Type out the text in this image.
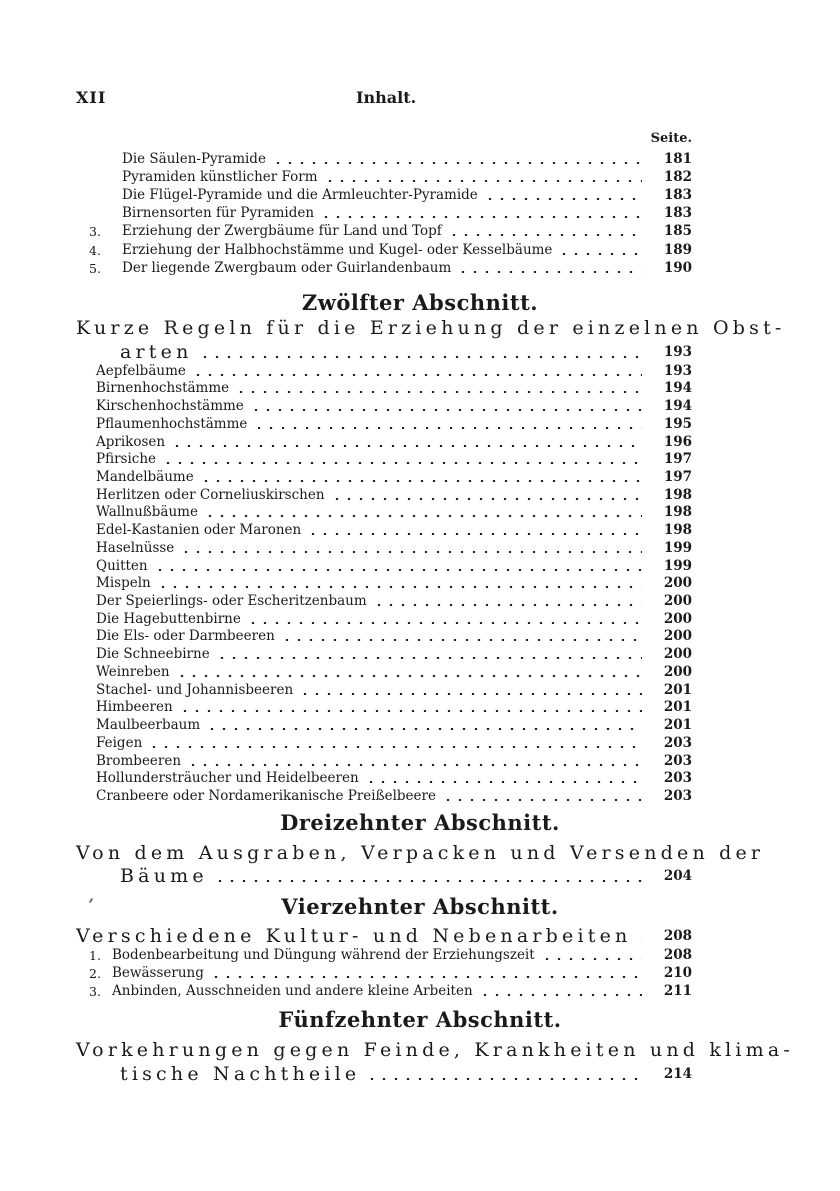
XII	Inhalt.
Seite.
Die Säulen-Pyramide	181
Pyramiden künstlicher Form	182
Die Flügel-Pyramide und die Armleuchter-Pyramide	183
Birnensorten für Pyramiden	183
3.	Erziehung der Zwergbäume für Land und Topf	185
4.	Erziehung der Halbhochstämme und Kugel- oder Kesselbäume	189
5.	Der liegende Zwergbaum oder Guirlandenbaum	190
Zwölfter Abschnitt.
Kurze Regeln für die Erziehung der einzelnen Obst-
arten	193
Aepfelbäume	193
Birnenhochstämme	194
Kirschenhochstämme	194
Pflaumenhochstämme	195
Aprikosen	196
Pfirsiche	197
Mandelbäume	197
Herlitzen oder Corneliuskirschen	198
Wallnußbäume	198
Edel-Kastanien oder Maronen	198
Haselnüsse	199
Quitten	199
Mispeln	200
Der Speierlings- oder Escheritzenbaum	200
Die Hagebuttenbirne	200
Die Els- oder Darmbeeren	200
Die Schneebirne	200
Weinreben	200
Stachel- und Johannisbeeren	201
Himbeeren	201
Maulbeerbaum	201
Feigen	203
Brombeeren	203
Hollundersträucher und Heidelbeeren	203
Cranbeere oder Nordamerikanische Preißelbeere	203
Dreizehnter Abschnitt.
Von dem Ausgraben, Verpacken und Versenden der
Bäume	204
Vierzehnter Abschnitt.
Verschiedene Kultur- und Nebenarbeiten	208
1. Bodenbearbeitung und Düngung während der Erziehungszeit	208
2. Bewässerung	210
3. Anbinden, Ausschneiden und andere kleine Arbeiten	211
Fünfzehnter Abschnitt.
Vorkehrungen gegen Feinde, Krankheiten und klima-
tische Nachtheile	214
